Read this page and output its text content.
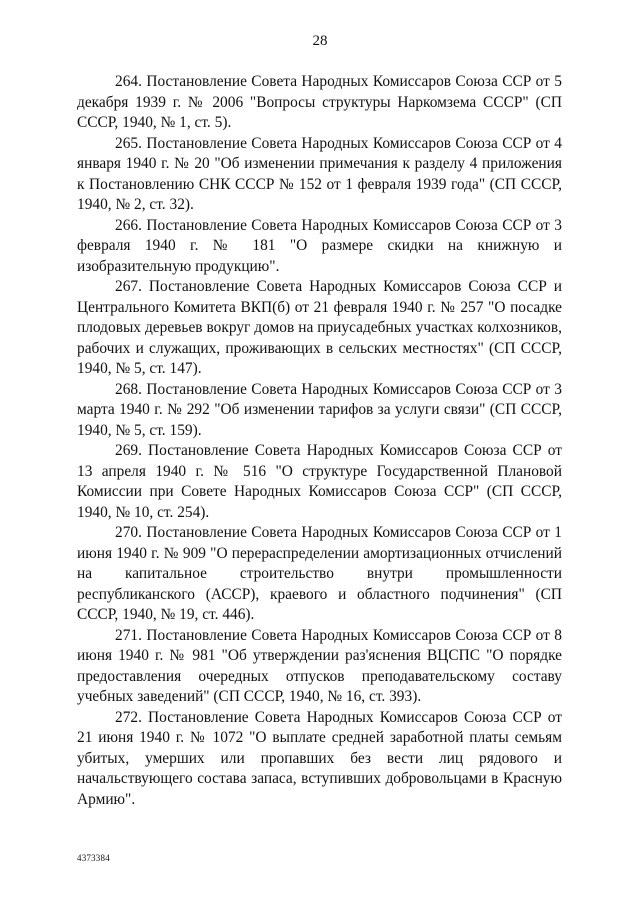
28

264. Постановление Совета Народных Комиссаров Союза ССР от 5 декабря 1939 г. № 2006 "Вопросы структуры Наркомзема СССР" (СП СССР, 1940, № 1, ст. 5).

265. Постановление Совета Народных Комиссаров Союза ССР от 4 января 1940 г. № 20 "Об изменении примечания к разделу 4 приложения к Постановлению СНК СССР № 152 от 1 февраля 1939 года" (СП СССР, 1940, № 2, ст. 32).

266. Постановление Совета Народных Комиссаров Союза ССР от 3 февраля 1940 г. № 181 "О размере скидки на книжную и изобразительную продукцию".

267. Постановление Совета Народных Комиссаров Союза ССР и Центрального Комитета ВКП(б) от 21 февраля 1940 г. № 257 "О посадке плодовых деревьев вокруг домов на приусадебных участках колхозников, рабочих и служащих, проживающих в сельских местностях" (СП СССР, 1940, № 5, ст. 147).

268. Постановление Совета Народных Комиссаров Союза ССР от 3 марта 1940 г. № 292 "Об изменении тарифов за услуги связи" (СП СССР, 1940, № 5, ст. 159).

269. Постановление Совета Народных Комиссаров Союза ССР от 13 апреля 1940 г. № 516 "О структуре Государственной Плановой Комиссии при Совете Народных Комиссаров Союза ССР" (СП СССР, 1940, № 10, ст. 254).

270. Постановление Совета Народных Комиссаров Союза ССР от 1 июня 1940 г. № 909 "О перераспределении амортизационных отчислений на капитальное строительство внутри промышленности республиканского (АССР), краевого и областного подчинения" (СП СССР, 1940, № 19, ст. 446).

271. Постановление Совета Народных Комиссаров Союза ССР от 8 июня 1940 г. № 981 "Об утверждении раз'яснения ВЦСПС "О порядке предоставления очередных отпусков преподавательскому составу учебных заведений" (СП СССР, 1940, № 16, ст. 393).

272. Постановление Совета Народных Комиссаров Союза ССР от 21 июня 1940 г. № 1072 "О выплате средней заработной платы семьям убитых, умерших или пропавших без вести лиц рядового и начальствующего состава запаса, вступивших добровольцами в Красную Армию".

4373384
